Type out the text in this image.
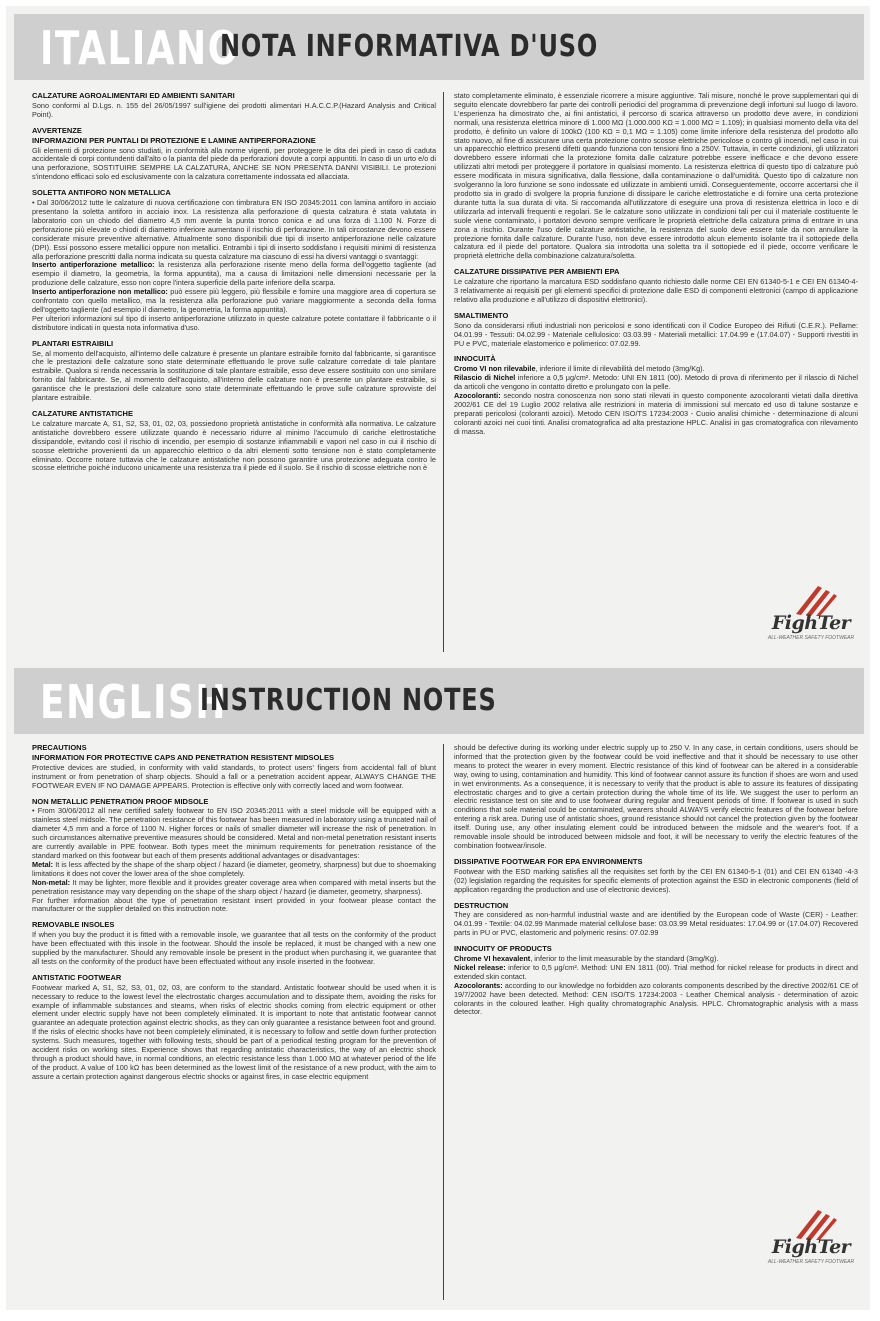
ITALIANO
NOTA INFORMATIVA D'USO
CALZATURE AGROALIMENTARI ED AMBIENTI SANITARI

Sono conformi al D.Lgs. n. 155 del 26/05/1997 sull'igiene dei prodotti alimentari H.A.C.C.P.(Hazard Analysis and Critical Point).

AVVERTENZE
INFORMAZIONI PER PUNTALI DI PROTEZIONE E LAMINE ANTIPERFORAZIONE

Gli elementi di protezione sono studiati, in conformità alla norme vigenti, per proteggere le dita dei piedi in caso di caduta accidentale di corpi contundenti dall'alto o la pianta del piede da perforazioni dovute a corpi appuntiti. In caso di un urto e/o di una perforazione, SOSTITUIRE SEMPRE LA CALZATURA, ANCHE SE NON PRESENTA DANNI VISIBILI. Le protezioni s'intendono efficaci solo ed esclusivamente con la calzatura correttamente indossata ed allacciata.

SOLETTA ANTIFORO NON METALLICA

• Dal 30/06/2012 tutte le calzature di nuova certificazione con timbratura EN ISO 20345:2011 con lamina antiforo in acciaio presentano la soletta antiforo in acciaio inox. La resistenza alla perforazione di questa calzatura è stata valutata in laboratorio con un chiodo del diametro 4,5 mm avente la punta tronco conica e ad una forza di 1.100 N. Forze di perforazione più elevate o chiodi di diametro inferiore aumentano il rischio di perforazione. In tali circostanze devono essere considerate misure preventive alternative. Attualmente sono disponibili due tipi di inserto antiperforazione nelle calzature (DPI). Essi possono essere metallici oppure non metallici. Entrambi i tipi di inserto soddisfano i requisiti minimi di resistenza alla perforazione prescritti dalla norma indicata su questa calzature ma ciascuno di essi ha diversi vantaggi o svantaggi:

Inserto antiperforazione metallico: la resistenza alla perforazione risente meno della forma dell'oggetto tagliente (ad esempio il diametro, la geometria, la forma appuntita), ma a causa di limitazioni nelle dimensioni necessarie per la produzione delle calzature, esso non copre l'intera superficie della parte inferiore della scarpa.

Inserto antiperforazione non metallico: può essere più leggero, più flessibile e fornire una maggiore area di copertura se confrontato con quello metallico, ma la resistenza alla perforazione può variare maggiormente a seconda della forma dell'oggetto tagliente (ad esempio il diametro, la geometria, la forma appuntita).

Per ulteriori informazioni sul tipo di inserto antiperforazione utilizzato in queste calzature potete contattare il fabbricante o il distributore indicati in questa nota informativa d'uso.

PLANTARI ESTRAIBILI

Se, al momento dell'acquisto, all'interno delle calzature è presente un plantare estraibile fornito dal fabbricante, si garantisce che le prestazioni delle calzature sono state determinate effettuando le prove sulle calzature corredate di tale plantare estraibile. Qualora si renda necessaria la sostituzione di tale plantare estraibile, esso deve essere sostituito con uno similare fornito dal fabbricante. Se, al momento dell'acquisto, all'interno delle calzature non è presente un plantare estraibile, si garantisce che le prestazioni delle calzature sono state determinate effettuando le prove sulle calzature sprovviste del plantare estraibile.

CALZATURE ANTISTATICHE

Le calzature marcate A, S1, S2, S3, 01, 02, 03, possiedono proprietà antistatiche in conformità alla normativa. Le calzature antistatiche dovrebbero essere utilizzate quando è necessario ridurre al minimo l'accumulo di cariche elettrostatiche dissipandole, evitando così il rischio di incendio, per esempio di sostanze infiammabili e vapori nel caso in cui il rischio di scosse elettriche provenienti da un apparecchio elettrico o da altri elementi sotto tensione non è stato completamente eliminato. Occorre notare tuttavia che le calzature antistatiche non possono garantire una protezione adeguata contro le scosse elettriche poiché inducono unicamente una resistenza tra il piede ed il suolo. Se il rischio di scosse elettriche non è

stato completamente eliminato, è essenziale ricorrere a misure aggiuntive. Tali misure, nonché le prove supplementari qui di seguito elencate dovrebbero far parte dei controlli periodici del programma di prevenzione degli infortuni sul luogo di lavoro. L'esperienza ha dimostrato che, ai fini antistatici, il percorso di scarica attraverso un prodotto deve avere, in condizioni normali, una resistenza elettrica minore di 1.000 MΩ (1.000.000 KΩ = 1.000 MΩ = 1.109); in qualsiasi momento della vita del prodotto, è definito un valore di 100kΩ (100 KΩ = 0,1 MΩ = 1.105) come limite inferiore della resistenza del prodotto allo stato nuovo, al fine di assicurare una certa protezione contro scosse elettriche pericolose o contro gli incendi, nel caso in cui un apparecchio elettrico presenti difetti quando funziona con tensioni fino a 250V. Tuttavia, in certe condizioni, gli utilizzatori dovrebbero essere informati che la protezione fornita dalle calzature potrebbe essere inefficace e che devono essere utilizzati altri metodi per proteggere il portatore in qualsiasi momento. La resistenza elettrica di questo tipo di calzature può essere modificata in misura significativa, dalla flessione, dalla contaminazione o dall'umidità. Questo tipo di calzature non svolgeranno la loro funzione se sono indossate ed utilizzate in ambienti umidi. Conseguentemente, occorre accertarsi che il prodotto sia in grado di svolgere la propria funzione di dissipare le cariche elettrostatiche e di fornire una certa protezione durante tutta la sua durata di vita. Si raccomanda all'utilizzatore di eseguire una prova di resistenza elettrica in loco e di utilizzarla ad intervalli frequenti e regolari. Se le calzature sono utilizzate in condizioni tali per cui il materiale costituente le suole viene contaminato, i portatori devono sempre verificare le proprietà elettriche della calzatura prima di entrare in una zona a rischio. Durante l'uso delle calzature antistatiche, la resistenza del suolo deve essere tale da non annullare la protezione fornita dalle calzature. Durante l'uso, non deve essere introdotto alcun elemento isolante tra il sottopiede della calzatura ed il piede del portatore. Qualora sia introdotta una soletta tra il sottopiede ed il piede, occorre verificare le proprietà elettriche della combinazione calzatura/soletta.

CALZATURE DISSIPATIVE PER AMBIENTI EPA

Le calzature che riportano la marcatura ESD soddisfano quanto richiesto dalle norme CEI EN 61340-5-1 e CEI EN 61340-4-3 relativamente ai requisiti per gli elementi specifici di protezione dalle ESD di componenti elettronici (campo di applicazione relativo alla produzione e all'utilizzo di dispositivi elettronici).

SMALTIMENTO

Sono da considerarsi rifiuti industriali non pericolosi e sono identificati con il Codice Europeo dei Rifiuti (C.E.R.). Pellame: 04.01.99 - Tessuti: 04.02.99 - Materiale cellulosico: 03.03.99 - Materiali metallici: 17.04.99 e (17.04.07) - Supporti rivestiti in PU e PVC, materiale elastomerico e polimerico: 07.02.99.

INNOCUITÀ

Cromo VI non rilevabile, inferiore il limite di rilevabilità del metodo (3mg/Kg).

Rilascio di Nichel inferiore a 0,5 μg/cm². Metodo: UNI EN 1811 (00). Metodo di prova di riferimento per il rilascio di Nichel da articoli che vengono in contatto diretto e prolungato con la pelle.

Azocoloranti: secondo nostra conoscenza non sono stati rilevati in questo componente azocoloranti vietati dalla direttiva 2002/61 CE del 19 Luglio 2002 relativa alle restrizioni in materia di immissioni sul mercato ed uso di talune sostanze e preparati pericolosi (coloranti azoici). Metodo CEN ISO/TS 17234:2003 - Cuoio analisi chimiche - determinazione di alcuni coloranti azoici nei cuoi tinti. Analisi cromatografica ad alta prestazione HPLC. Analisi in gas cromatografica con rilevamento di massa.

FighTer
ALL-WEATHER SAFETY FOOTWEAR
ENGLISH
INSTRUCTION NOTES
PRECAUTIONS
INFORMATION FOR PROTECTIVE CAPS AND PENETRATION RESISTENT MIDSOLES

Protective devices are studied, in conformity with valid standards, to protect users' fingers from accidental fall of blunt instrument or from penetration of sharp objects. Should a fall or a penetration accident appear, ALWAYS CHANGE THE FOOTWEAR EVEN IF NO DAMAGE APPEARS. Protection is effective only with correctly laced and worn footwear.

NON METALLIC PENETRATION PROOF MIDSOLE

• From 30/06/2012 all new certified safety footwear to EN ISO 20345:2011 with a steel midsole will be equipped with a stainless steel midsole. The penetration resistance of this footwear has been measured in laboratory using a truncated nail of diameter 4,5 mm and a force of 1100 N. Higher forces or nails of smaller diameter will increase the risk of penetration. In such circumstances alternative preventive measures should be considered. Metal and non-metal penetration resistant inserts are currently available in PPE footwear. Both types meet the minimum requirements for penetration resistance of the standard marked on this footwear but each of them presents additional advantages or disadvantages:

Metal: It is less affected by the shape of the sharp object / hazard (ie diameter, geometry, sharpness) but due to shoemaking limitations it does not cover the lower area of the shoe completely.

Non-metal: It may be lighter, more flexible and it provides greater coverage area when compared with metal inserts but the penetration resistance may vary depending on the shape of the sharp object / hazard (ie diameter, geometry, sharpness).

For further information about the type of penetration resistant insert provided in your footwear please contact the manufacturer or the supplier detailed on this instruction note.

REMOVABLE INSOLES

If when you buy the product it is fitted with a removable insole, we guarantee that all tests on the conformity of the product have been effectuated with this insole in the footwear. Should the insole be replaced, it must be changed with a new one supplied by the manufacturer. Should any removable insole be present in the product when purchasing it, we guarantee that all tests on the conformity of the product have been effectuated without any insole inserted in the footwear.

ANTISTATIC FOOTWEAR

Footwear marked A, S1, S2, S3, 01, 02, 03, are conform to the standard. Antistatic footwear should be used when it is necessary to reduce to the lowest level the electrostatic charges accumulation and to dissipate them, avoiding the risks for example of inflammable substances and steams, when risks of electric shocks coming from electric equipment or other element under electric supply have not been completely eliminated. It is important to note that antistatic footwear cannot guarantee an adequate protection against electric shocks, as they can only guarantee a resistance between foot and ground. If the risks of electric shocks have not been completely eliminated, it is necessary to follow and settle down further protection systems. Such measures, together with following tests, should be part of a periodical testing program for the prevention of accident risks on working sites. Experience shows that regarding antistatic characteristics, the way of an electric shock through a product should have, in normal conditions, an electric resistance less than 1.000 MΩ at whatever period of the life of the product. A value of 100 kΩ has been determined as the lowest limit of the resistance of a new product, with the aim to assure a certain protection against dangerous electric shocks or against fires, in case electric equipment

should be defective during its working under electric supply up to 250 V. In any case, in certain conditions, users should be informed that the protection given by the footwear could be void ineffective and that it should be necessary to use other means to protect the wearer in every moment. Electric resistance of this kind of footwear can be altered in a considerable way, owing to using, contamination and humidity. This kind of footwear cannot assure its function if shoes are worn and used in wet environments. As a consequence, it is necessary to verify that the product is able to assure its features of dissipating electrostatic charges and to give a certain protection during the whole time of its life. We suggest the user to perform an electric resistance test on site and to use footwear during regular and frequent periods of time. If footwear is used in such conditions that sole material could be contaminated, wearers should ALWAYS verify electric features of the footwear before entering a risk area. During use of antistatic shoes, ground resistance should not cancel the protection given by the footwear itself. During use, any other insulating element could be introduced between the midsole and the wearer's foot. If a removable insole should be introduced between midsole and foot, it will be necessary to verify the electric features of the combination footwear/insole.

DISSIPATIVE FOOTWEAR FOR EPA ENVIRONMENTS

Footwear with the ESD marking satisfies all the requisites set forth by the CEI EN 61340-5-1 (01) and CEI EN 61340 -4-3 (02) legislation regarding the requisites for specific elements of protection against the ESD in electronic components (field of application regarding the production and use of electronic devices).

DESTRUCTION

They are considered as non-harmful industrial waste and are identified by the European code of Waste (CER) - Leather: 04.01.99 - Textile: 04.02.99 Manmade material cellulose base: 03.03.99 Metal residuates: 17.04.99 or (17.04.07) Recovered parts in PU or PVC, elastomeric and polymeric resins: 07.02.99

INNOCUITY OF PRODUCTS

Chrome VI hexavalent, inferior to the limit measurable by the standard (3mg/Kg).

Nickel release: inferior to 0,5 μg/cm². Method: UNI EN 1811 (00). Trial method for nickel release for products in direct and extended skin contact.

Azocolorants: according to our knowledge no forbidden azo colorants components described by the directive 2002/61 CE of 19/7/2002 have been detected. Method: CEN ISO/TS 17234:2003 - Leather Chemical analysis - determination of azoic colorants in the coloured leather. High quality chromatographic Analysis. HPLC. Chromatographic analysis with a mass detector.

FighTer
ALL-WEATHER SAFETY FOOTWEAR
